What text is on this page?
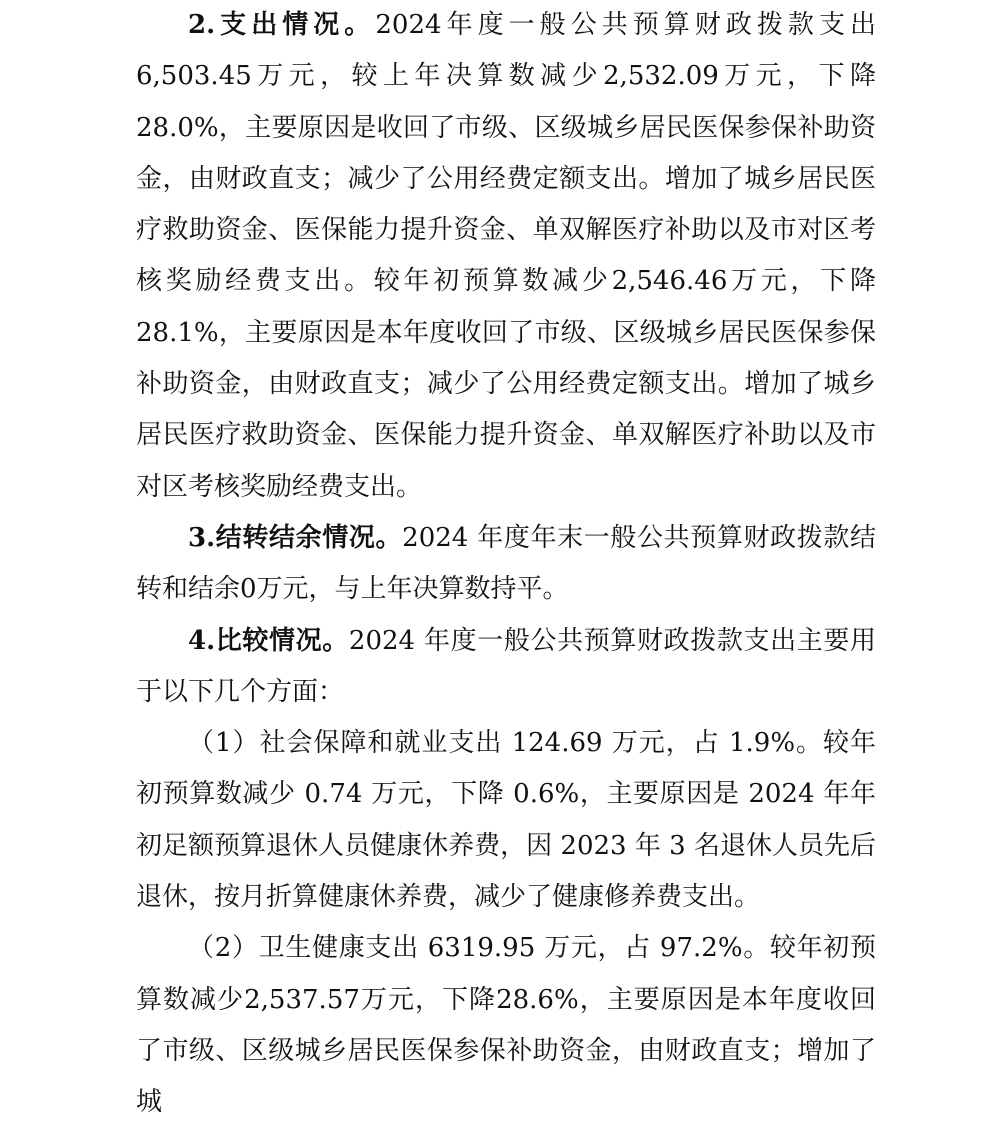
2.支出情况。2024年度一般公共预算财政拨款支出6,503.45万元，较上年决算数减少2,532.09万元，下降28.0%，主要原因是收回了市级、区级城乡居民医保参保补助资金，由财政直支；减少了公用经费定额支出。增加了城乡居民医疗救助资金、医保能力提升资金、单双解医疗补助以及市对区考核奖励经费支出。较年初预算数减少2,546.46万元，下降28.1%，主要原因是本年度收回了市级、区级城乡居民医保参保补助资金，由财政直支；减少了公用经费定额支出。增加了城乡居民医疗救助资金、医保能力提升资金、单双解医疗补助以及市对区考核奖励经费支出。

3.结转结余情况。2024 年度年末一般公共预算财政拨款结转和结余0万元，与上年决算数持平。

4.比较情况。2024 年度一般公共预算财政拨款支出主要用于以下几个方面：

（1）社会保障和就业支出 124.69 万元，占 1.9%。较年初预算数减少 0.74 万元，下降 0.6%，主要原因是 2024 年年初足额预算退休人员健康休养费，因 2023 年 3 名退休人员先后退休，按月折算健康休养费，减少了健康修养费支出。

（2）卫生健康支出 6319.95 万元，占 97.2%。较年初预算数减少2,537.57万元，下降28.6%，主要原因是本年度收回了市级、区级城乡居民医保参保补助资金，由财政直支；增加了城
